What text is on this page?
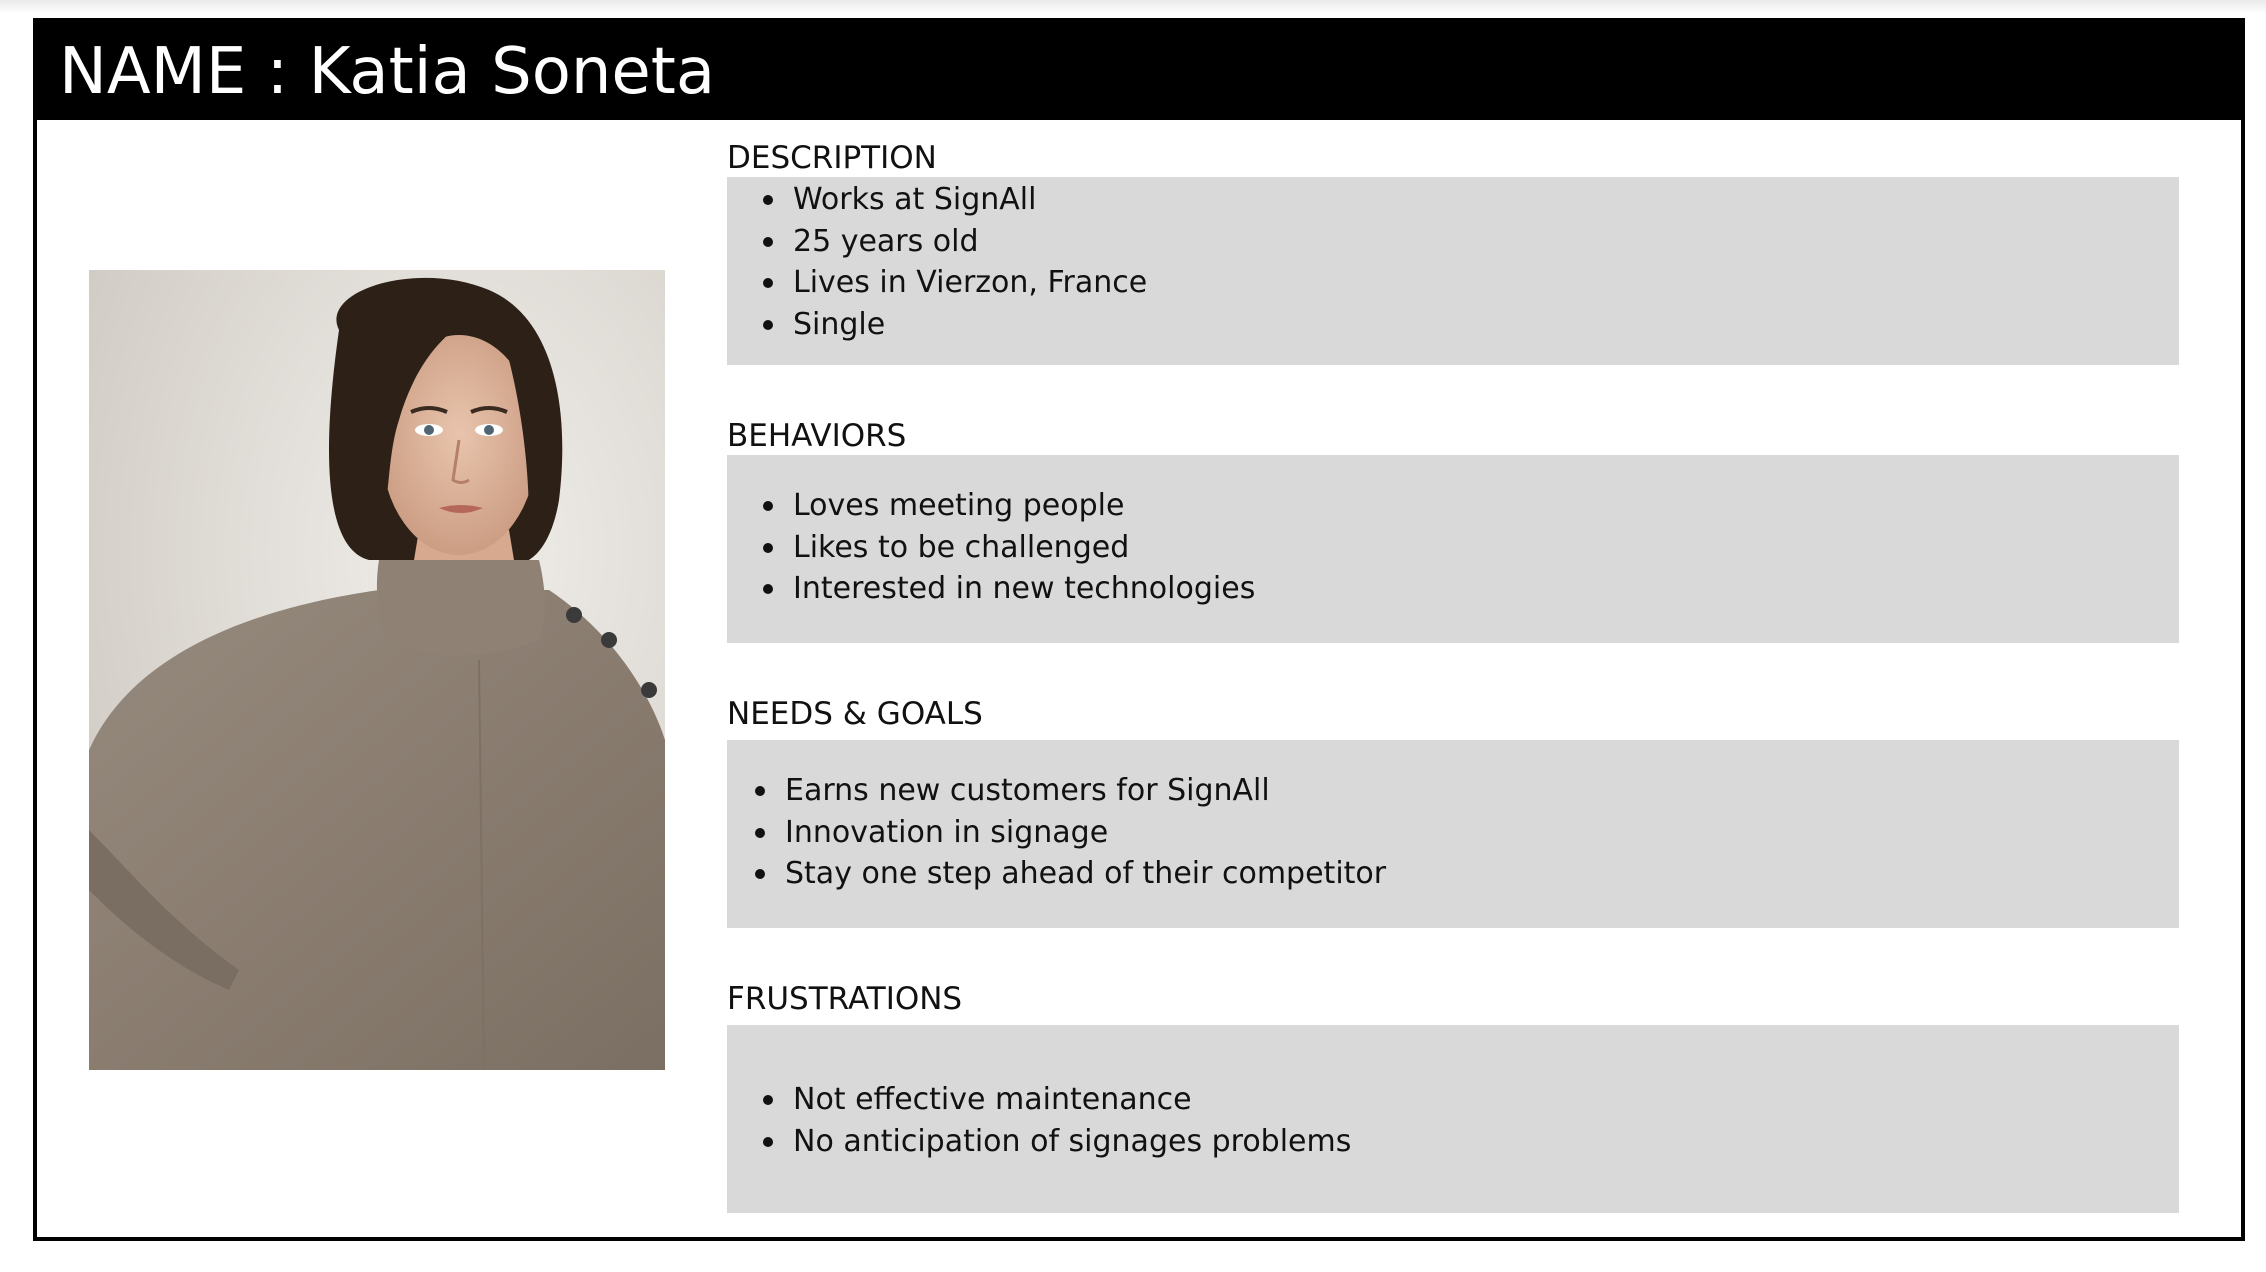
NAME : Katia Soneta
DESCRIPTION
Works at SignAll
25 years old
Lives in Vierzon, France
Single
BEHAVIORS
Loves meeting people
Likes to be challenged
Interested in new technologies
NEEDS & GOALS
Earns new customers for SignAll
Innovation in signage
Stay one step ahead of their competitor
FRUSTRATIONS
Not effective maintenance
No anticipation of signages problems
